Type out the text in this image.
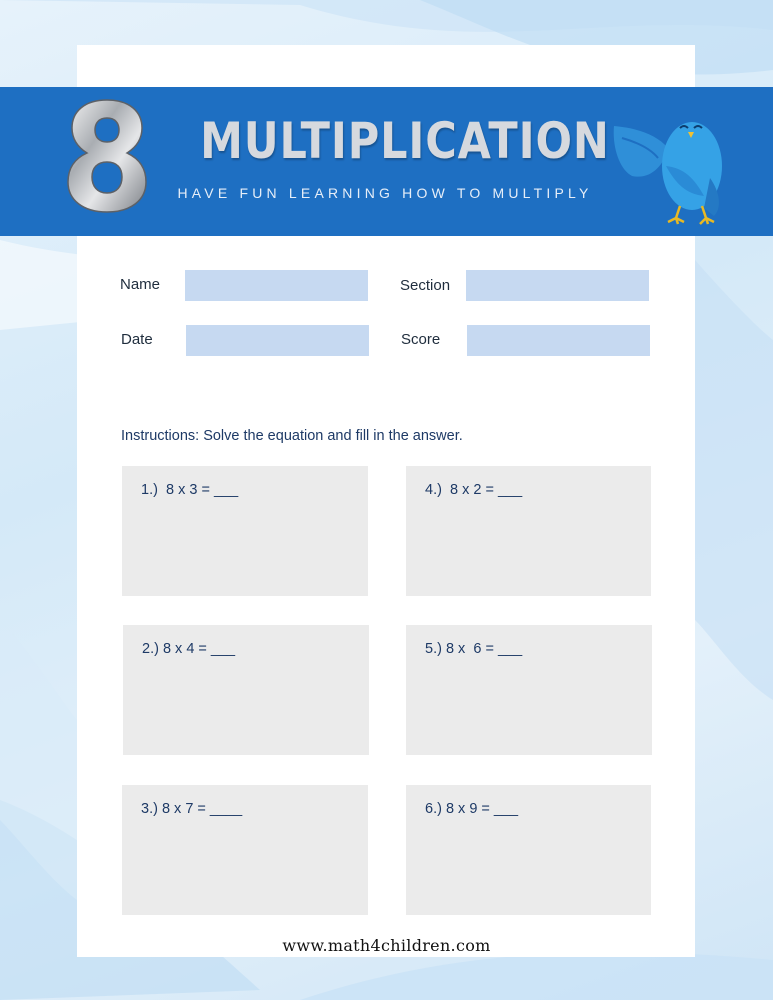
MULTIPLICATION
HAVE FUN LEARNING HOW TO MULTIPLY
Name	Section
Date	Score
Instructions: Solve the equation and fill in the answer.
1.)  8 x 3 = ___	4.)  8 x 2 = ___
2.) 8 x 4 = ___	5.) 8 x  6 = ___
3.) 8 x 7 = ____	6.) 8 x 9 = ___
www.math4children.com
